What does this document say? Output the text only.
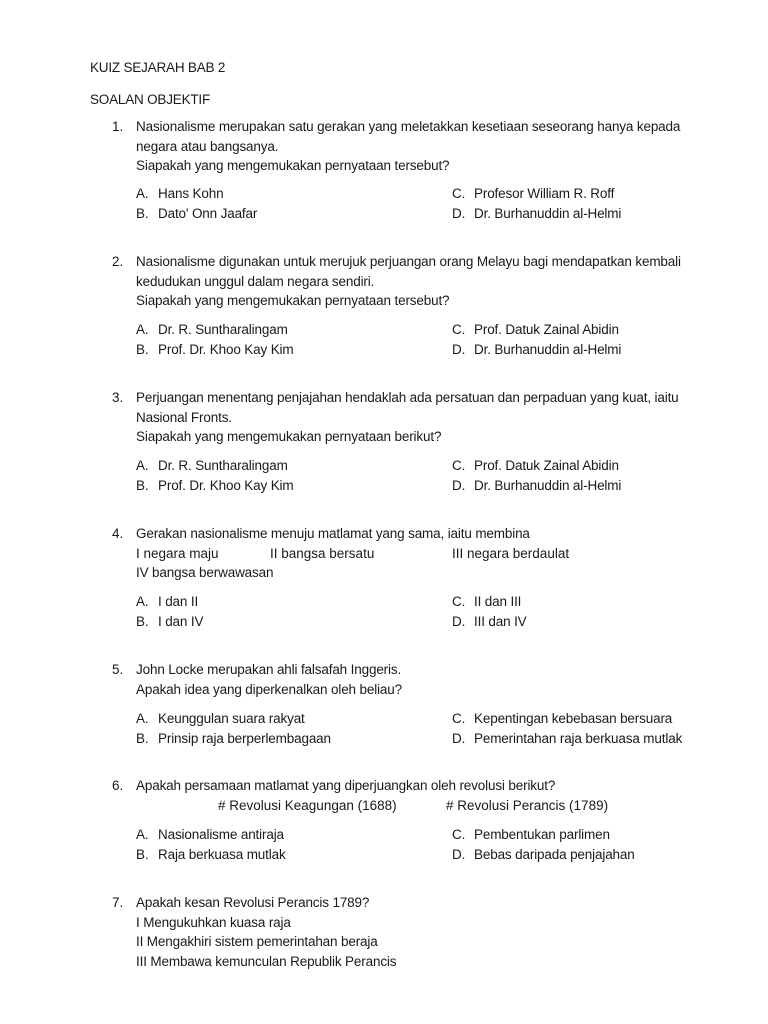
KUIZ SEJARAH BAB 2
SOALAN OBJEKTIF
1. Nasionalisme merupakan satu gerakan yang meletakkan kesetiaan seseorang hanya kepada
negara atau bangsanya.
Siapakah yang mengemukakan pernyataan tersebut?
A. Hans Kohn
B. Dato' Onn Jaafar
C. Profesor William R. Roff
D. Dr. Burhanuddin al-Helmi
2. Nasionalisme digunakan untuk merujuk perjuangan orang Melayu bagi mendapatkan kembali
kedudukan unggul dalam negara sendiri.
Siapakah yang mengemukakan pernyataan tersebut?
A. Dr. R. Suntharalingam
B. Prof. Dr. Khoo Kay Kim
C. Prof. Datuk Zainal Abidin
D. Dr. Burhanuddin al-Helmi
3. Perjuangan menentang penjajahan hendaklah ada persatuan dan perpaduan yang kuat, iaitu
Nasional Fronts.
Siapakah yang mengemukakan pernyataan berikut?
A. Dr. R. Suntharalingam
B. Prof. Dr. Khoo Kay Kim
C. Prof. Datuk Zainal Abidin
D. Dr. Burhanuddin al-Helmi
4. Gerakan nasionalisme menuju matlamat yang sama, iaitu membina
I negara maju	II bangsa bersatu	III negara berdaulat
IV bangsa berwawasan
A. I dan II
B. I dan IV
C. II dan III
D. III dan IV
5. John Locke merupakan ahli falsafah Inggeris.
Apakah idea yang diperkenalkan oleh beliau?
A. Keunggulan suara rakyat
B. Prinsip raja berperlembagaan
C. Kepentingan kebebasan bersuara
D. Pemerintahan raja berkuasa mutlak
6. Apakah persamaan matlamat yang diperjuangkan oleh revolusi berikut?
# Revolusi Keagungan (1688)	# Revolusi Perancis (1789)
A. Nasionalisme antiraja
B. Raja berkuasa mutlak
C. Pembentukan parlimen
D. Bebas daripada penjajahan
7. Apakah kesan Revolusi Perancis 1789?
I Mengukuhkan kuasa raja
II Mengakhiri sistem pemerintahan beraja
III Membawa kemunculan Republik Perancis
